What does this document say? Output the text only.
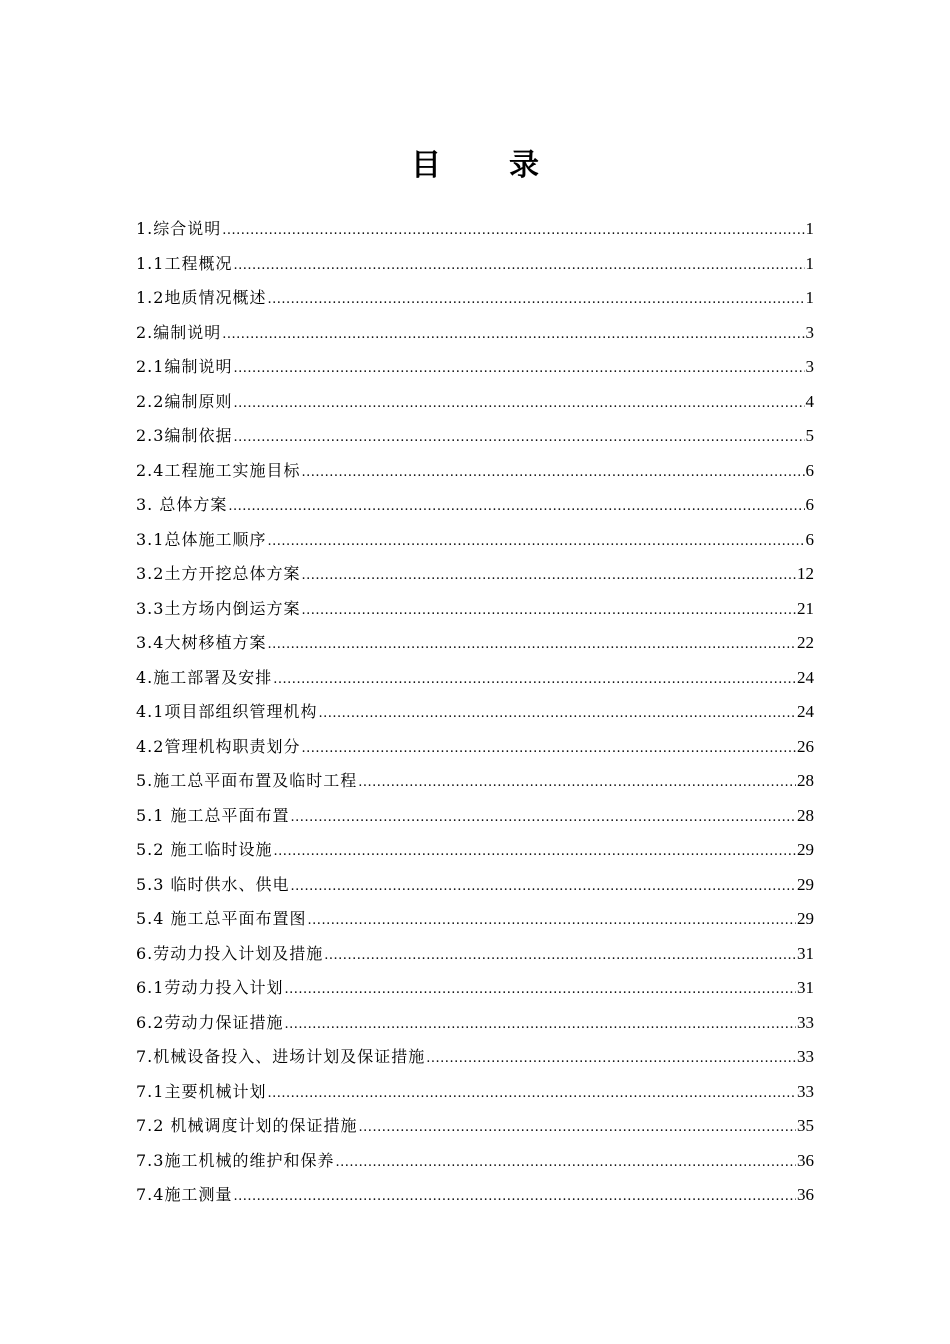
目 录
1.综合说明 .....	1
1.1工程概况 .....	1
1.2地质情况概述 .....	1
2.编制说明 .....	3
2.1编制说明 .....	3
2.2编制原则 .....	4
2.3编制依据 .....	5
2.4工程施工实施目标 .....	6
3. 总体方案 .....	6
3.1总体施工顺序 .....	6
3.2土方开挖总体方案 .....	12
3.3土方场内倒运方案 .....	21
3.4大树移植方案 .....	22
4.施工部署及安排 .....	24
4.1项目部组织管理机构 .....	24
4.2管理机构职责划分 .....	26
5.施工总平面布置及临时工程 .....	28
5.1 施工总平面布置 .....	28
5.2 施工临时设施 .....	29
5.3 临时供水、供电 .....	29
5.4 施工总平面布置图 .....	29
6.劳动力投入计划及措施 .....	31
6.1劳动力投入计划 .....	31
6.2劳动力保证措施 .....	33
7.机械设备投入、进场计划及保证措施 .....	33
7.1主要机械计划 .....	33
7.2 机械调度计划的保证措施 .....	35
7.3施工机械的维护和保养 .....	36
7.4施工测量 .....	36
